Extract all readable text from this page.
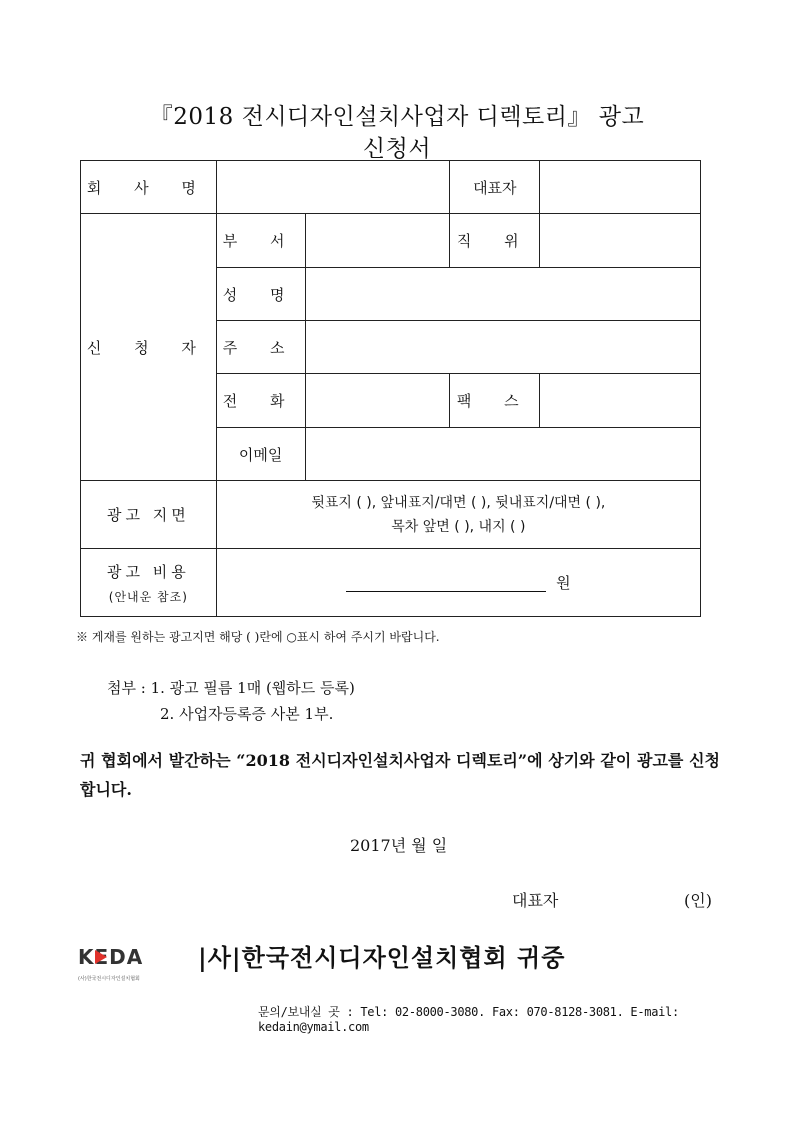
『2018 전시디자인설치사업자 디렉토리』 광고
신청서
회 사 명			대표자	
신 청 자	부 서		직 위	
	성 명			
	주 소			
	전 화		팩 스	
	이메일			
광고 지면	뒷표지 ( ), 앞내표지/대면 ( ), 뒷내표지/대면 ( ),
목차 앞면 ( ), 내지 ( )			

광고 비용
(안내운 참조)	원			
※ 게재를 원하는 광고지면 해당 ( )란에 ○표시 하여 주시기 바랍니다.
첨부 : 1. 광고 필름 1매 (웹하드 등록)
2. 사업자등록증 사본 1부.
귀 협회에서 발간하는 “2018 전시디자인설치사업자 디렉토리”에 상기와 같이 광고를 신청합니다.
2017년 월 일
대표자	(인)
KEDA
(사)한국전시디자인설치협회
|사|한국전시디자인설치협회 귀중
문의/보내실 곳 : Tel: 02-8000-3080. Fax: 070-8128-3081. E-mail: kedain@ymail.com
